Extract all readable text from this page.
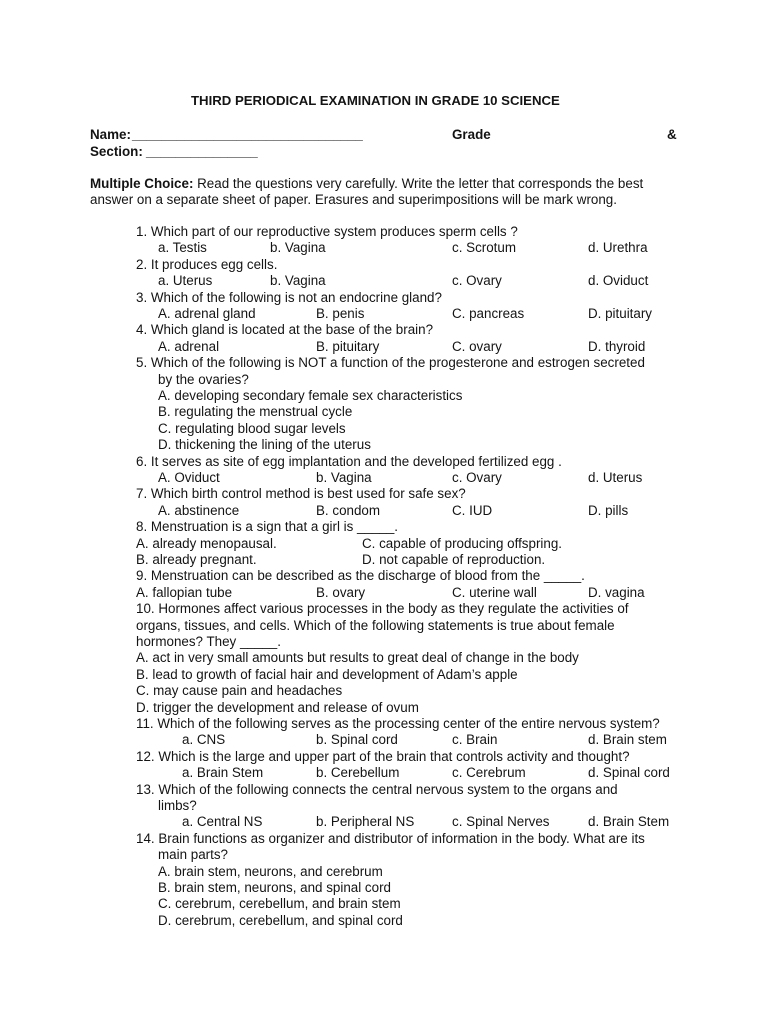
THIRD PERIODICAL EXAMINATION IN GRADE 10 SCIENCE
Name: _______________________________	Grade	&
Section: _______________
Multiple Choice: Read the questions very carefully. Write the letter that corresponds the best
answer on a separate sheet of paper. Erasures and superimpositions will be mark wrong.
1. Which part of our reproductive system produces sperm cells ?
a. Testis	b. Vagina	c. Scrotum	d. Urethra
2. It produces egg cells.
a. Uterus	b. Vagina	c. Ovary	d. Oviduct
3. Which of the following is not an endocrine gland?
A. adrenal gland	B. penis	C. pancreas	D. pituitary
4. Which gland is located at the base of the brain?
A. adrenal	B. pituitary	C. ovary	D. thyroid
5. Which of the following is NOT a function of the progesterone and estrogen secreted
by the ovaries?
A. developing secondary female sex characteristics
B. regulating the menstrual cycle
C. regulating blood sugar levels
D. thickening the lining of the uterus
6. It serves as site of egg implantation and the developed fertilized egg .
A. Oviduct	b. Vagina	c. Ovary	d. Uterus
7. Which birth control method is best used for safe sex?
A. abstinence	B. condom	C. IUD	D. pills
8. Menstruation is a sign that a girl is _____.
A. already menopausal.	C. capable of producing offspring.
B. already pregnant.	D. not capable of reproduction.
9. Menstruation can be described as the discharge of blood from the _____.
A. fallopian tube	B. ovary	C. uterine wall	D. vagina
10. Hormones affect various processes in the body as they regulate the activities of
organs, tissues, and cells. Which of the following statements is true about female
hormones? They _____.
A. act in very small amounts but results to great deal of change in the body
B. lead to growth of facial hair and development of Adam’s apple
C. may cause pain and headaches
D. trigger the development and release of ovum
11. Which of the following serves as the processing center of the entire nervous system?
a. CNS	b. Spinal cord	c. Brain	d. Brain stem
12. Which is the large and upper part of the brain that controls activity and thought?
a. Brain Stem	b. Cerebellum	c. Cerebrum	d. Spinal cord
13. Which of the following connects the central nervous system to the organs and
limbs?
a. Central NS	b. Peripheral NS	c. Spinal Nerves	d. Brain Stem
14. Brain functions as organizer and distributor of information in the body. What are its
main parts?
A. brain stem, neurons, and cerebrum
B. brain stem, neurons, and spinal cord
C. cerebrum, cerebellum, and brain stem
D. cerebrum, cerebellum, and spinal cord
